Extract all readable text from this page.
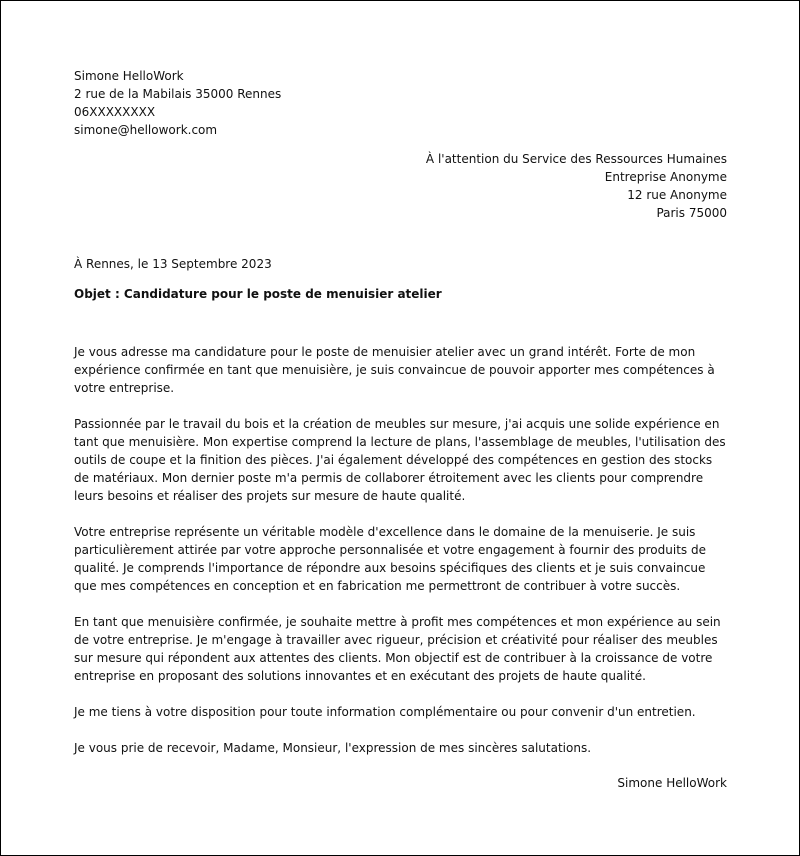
Simone HelloWork
2 rue de la Mabilais 35000 Rennes
06XXXXXXXX
simone@hellowork.com
À l'attention du Service des Ressources Humaines
Entreprise Anonyme
12 rue Anonyme
Paris 75000
À Rennes, le 13 Septembre 2023
Objet : Candidature pour le poste de menuisier atelier

Je vous adresse ma candidature pour le poste de menuisier atelier avec un grand intérêt. Forte de mon expérience confirmée en tant que menuisière, je suis convaincue de pouvoir apporter mes compétences à votre entreprise.

Passionnée par le travail du bois et la création de meubles sur mesure, j'ai acquis une solide expérience en tant que menuisière. Mon expertise comprend la lecture de plans, l'assemblage de meubles, l'utilisation des outils de coupe et la finition des pièces. J'ai également développé des compétences en gestion des stocks de matériaux. Mon dernier poste m'a permis de collaborer étroitement avec les clients pour comprendre leurs besoins et réaliser des projets sur mesure de haute qualité.

Votre entreprise représente un véritable modèle d'excellence dans le domaine de la menuiserie. Je suis particulièrement attirée par votre approche personnalisée et votre engagement à fournir des produits de qualité. Je comprends l'importance de répondre aux besoins spécifiques des clients et je suis convaincue que mes compétences en conception et en fabrication me permettront de contribuer à votre succès.

En tant que menuisière confirmée, je souhaite mettre à profit mes compétences et mon expérience au sein de votre entreprise. Je m'engage à travailler avec rigueur, précision et créativité pour réaliser des meubles sur mesure qui répondent aux attentes des clients. Mon objectif est de contribuer à la croissance de votre entreprise en proposant des solutions innovantes et en exécutant des projets de haute qualité.

Je me tiens à votre disposition pour toute information complémentaire ou pour convenir d'un entretien.

Je vous prie de recevoir, Madame, Monsieur, l'expression de mes sincères salutations.

Simone HelloWork
